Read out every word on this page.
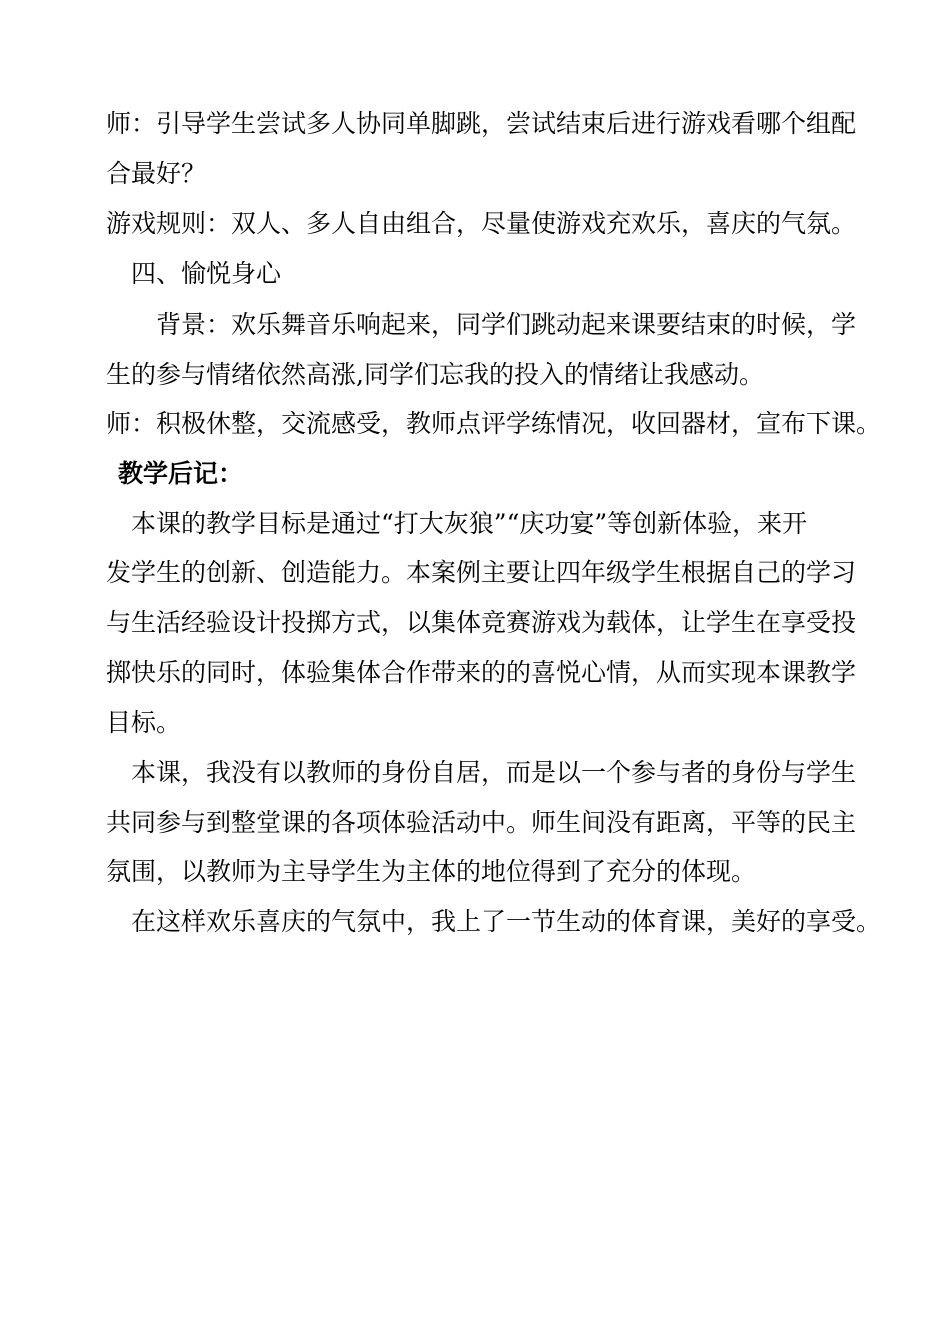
师：引导学生尝试多人协同单脚跳，尝试结束后进行游戏看哪个组配
合最好？
游戏规则：双人、多人自由组合，尽量使游戏充欢乐，喜庆的气氛。
四、愉悦身心
背景：欢乐舞音乐响起来，同学们跳动起来课要结束的时候，学
生的参与情绪依然高涨,同学们忘我的投入的情绪让我感动。
师：积极休整，交流感受，教师点评学练情况，收回器材，宣布下课。
教学后记：
本课的教学目标是通过“打大灰狼”“庆功宴”等创新体验，来开
发学生的创新、创造能力。本案例主要让四年级学生根据自己的学习
与生活经验设计投掷方式，以集体竞赛游戏为载体，让学生在享受投
掷快乐的同时，体验集体合作带来的的喜悦心情，从而实现本课教学
目标。
本课，我没有以教师的身份自居，而是以一个参与者的身份与学生
共同参与到整堂课的各项体验活动中。师生间没有距离，平等的民主
氛围，以教师为主导学生为主体的地位得到了充分的体现。
在这样欢乐喜庆的气氛中，我上了一节生动的体育课，美好的享受。
